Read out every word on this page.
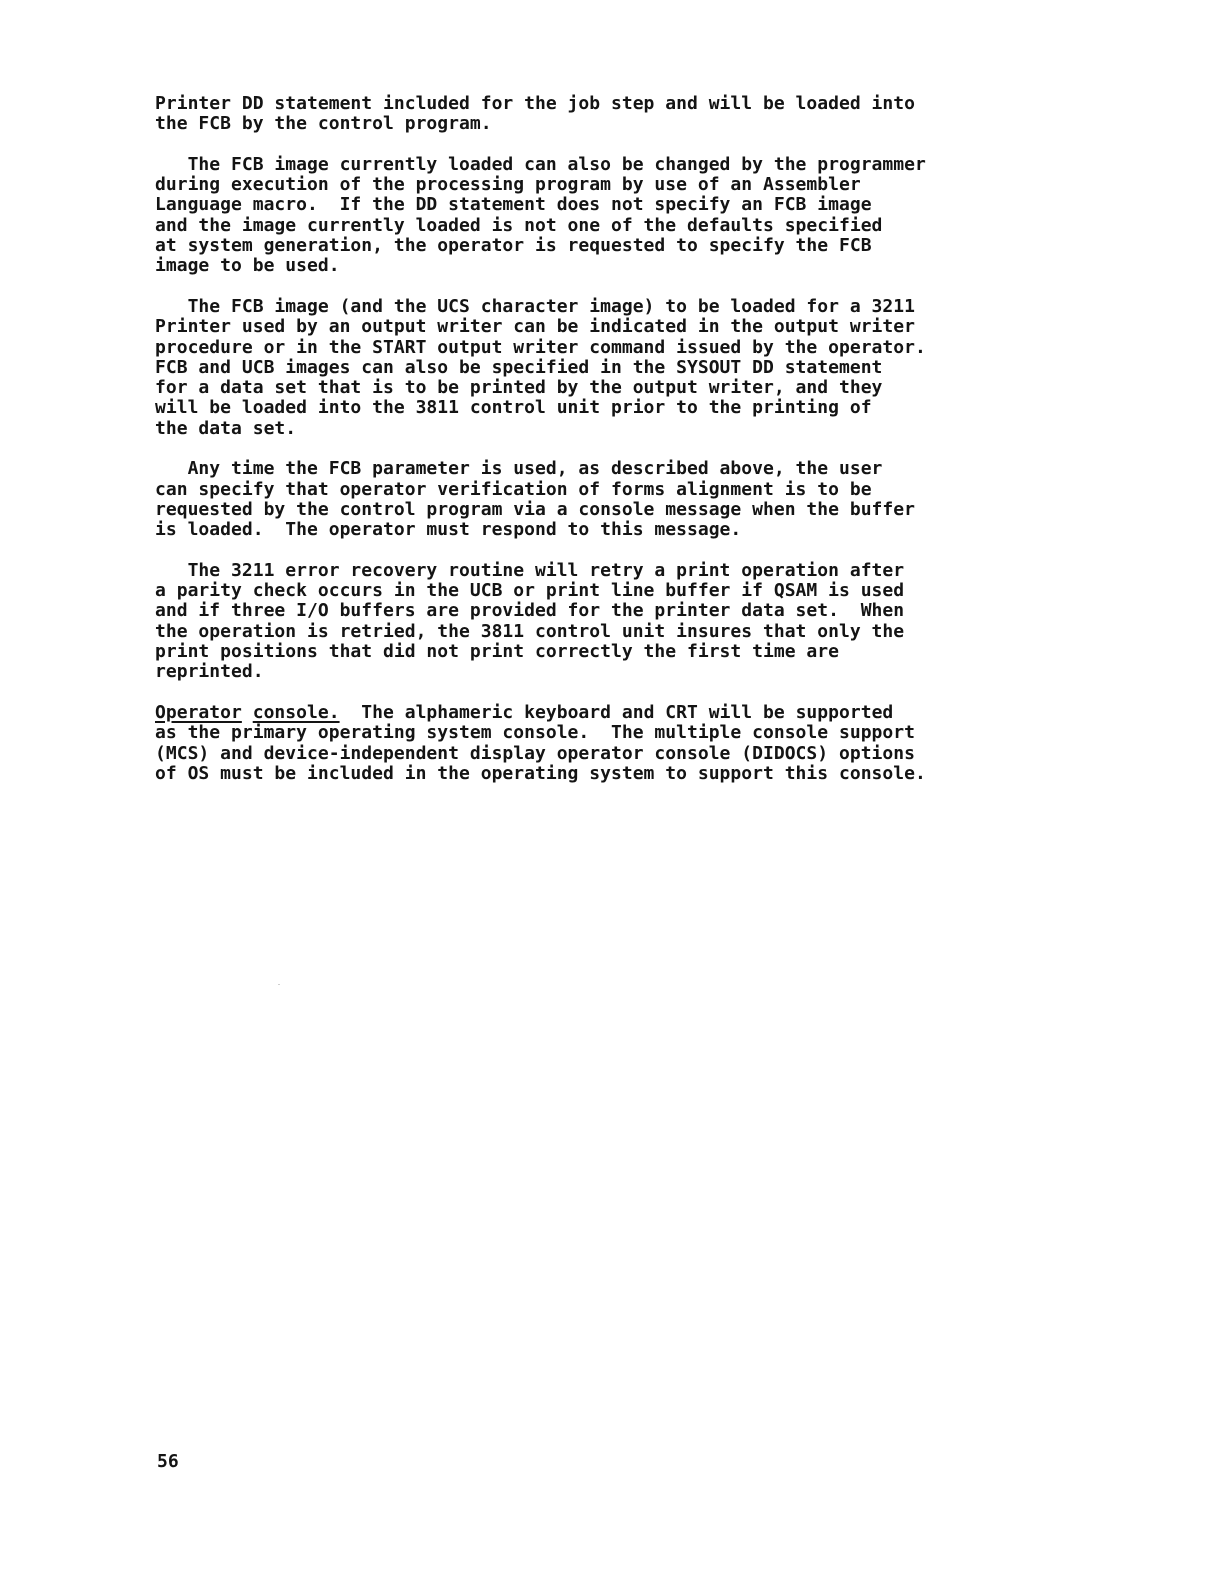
Printer DD statement included for the job step and will be loaded into
the FCB by the control program.

The FCB image currently loaded can also be changed by the programmer
during execution of the processing program by use of an Assembler
Language macro.  If the DD statement does not specify an FCB image
and the image currently loaded is not one of the defaults specified
at system generation, the operator is requested to specify the FCB
image to be used.

The FCB image (and the UCS character image) to be loaded for a 3211
Printer used by an output writer can be indicated in the output writer
procedure or in the START output writer command issued by the operator.
FCB and UCB images can also be specified in the SYSOUT DD statement
for a data set that is to be printed by the output writer, and they
will be loaded into the 3811 control unit prior to the printing of
the data set.

Any time the FCB parameter is used, as described above, the user
can specify that operator verification of forms alignment is to be
requested by the control program via a console message when the buffer
is loaded.  The operator must respond to this message.

The 3211 error recovery routine will retry a print operation after
a parity check occurs in the UCB or print line buffer if QSAM is used
and if three I/O buffers are provided for the printer data set.  When
the operation is retried, the 3811 control unit insures that only the
print positions that did not print correctly the first time are
reprinted.

Operator console.  The alphameric keyboard and CRT will be supported
as the primary operating system console.  The multiple console support
(MCS) and device-independent display operator console (DIDOCS) options
of OS must be included in the operating system to support this console.

56
